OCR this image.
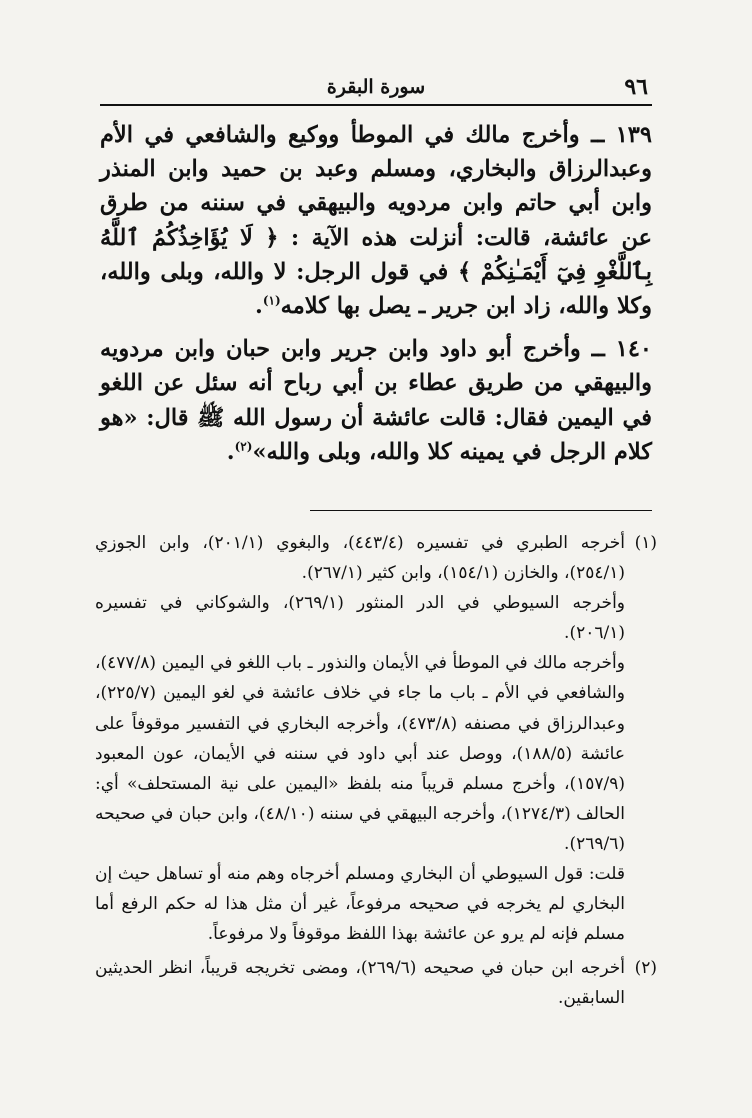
٩٦
سورة البقرة

١٣٩ ــ وأخرج مالك في الموطأ ووكيع والشافعي في الأم وعبدالرزاق والبخاري، ومسلم وعبد بن حميد وابن المنذر وابن أبي حاتم وابن مردويه والبيهقي في سننه من طرق عن عائشة، قالت: أنزلت هذه الآية : ﴿ لَا يُؤَاخِذُكُمُ ٱللَّهُ بِٱللَّغْوِ فِيٓ أَيْمَـٰنِكُمْ ﴾ في قول الرجل: لا والله، وبلى والله، وكلا والله، زاد ابن جرير ـ يصل بها كلامه$^{(١)}$.

١٤٠ ــ وأخرج أبو داود وابن جرير وابن حبان وابن مردويه والبيهقي من طريق عطاء بن أبي رباح أنه سئل عن اللغو في اليمين فقال: قالت عائشة أن رسول الله ﷺ قال: «هو كلام الرجل في يمينه كلا والله، وبلى والله»$^{(٢)}$.

(١)

أخرجه الطبري في تفسيره (٤٤٣/٤)، والبغوي (٢٠١/١)، وابن الجوزي (٢٥٤/١)، والخازن (١٥٤/١)، وابن كثير (٢٦٧/١).

وأخرجه السيوطي في الدر المنثور (٢٦٩/١)، والشوكاني في تفسيره (٢٠٦/١).

وأخرجه مالك في الموطأ في الأيمان والنذور ـ باب اللغو في اليمين (٤٧٧/٨)، والشافعي في الأم ـ باب ما جاء في خلاف عائشة في لغو اليمين (٢٢٥/٧)، وعبدالرزاق في مصنفه (٤٧٣/٨)، وأخرجه البخاري في التفسير موقوفاً على عائشة (١٨٨/٥)، ووصل عند أبي داود في سننه في الأيمان، عون المعبود (١٥٧/٩)، وأخرج مسلم قريباً منه بلفظ «اليمين على نية المستحلف» أي: الحالف (١٢٧٤/٣)، وأخرجه البيهقي في سننه (٤٨/١٠)، وابن حبان في صحيحه (٢٦٩/٦).

قلت: قول السيوطي أن البخاري ومسلم أخرجاه وهم منه أو تساهل حيث إن البخاري لم يخرجه في صحيحه مرفوعاً، غير أن مثل هذا له حكم الرفع أما مسلم فإنه لم يرو عن عائشة بهذا اللفظ موقوفاً ولا مرفوعاً.

(٢)

أخرجه ابن حبان في صحيحه (٢٦٩/٦)، ومضى تخريجه قريباً، انظر الحديثين السابقين.
